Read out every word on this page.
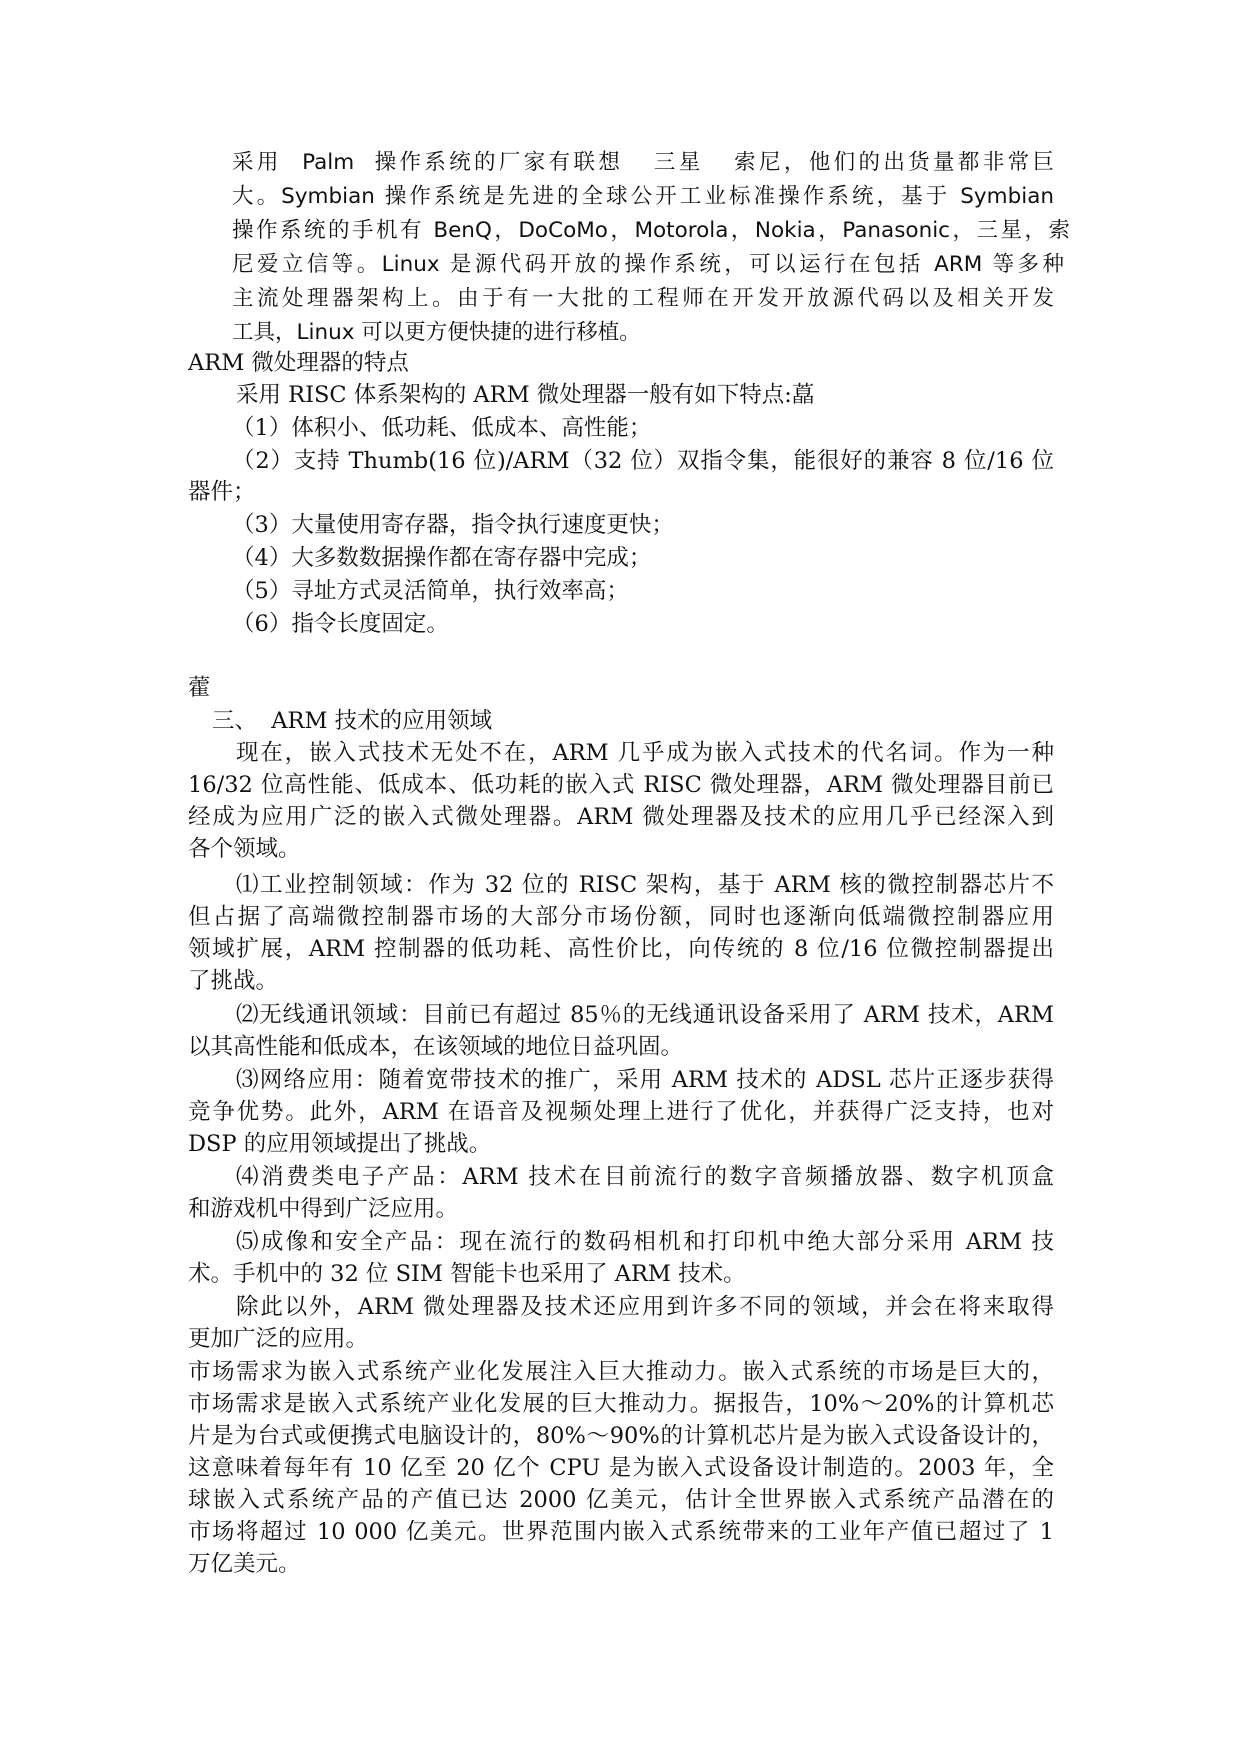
采用  Palm  操作系统的厂家有联想   三星   索尼，他们的出货量都非常巨
大。Symbian 操作系统是先进的全球公开工业标准操作系统，基于 Symbian
操作系统的手机有 BenQ，DoCoMo，Motorola，Nokia，Panasonic，三星，索
尼爱立信等。Linux 是源代码开放的操作系统，可以运行在包括 ARM 等多种
主流处理器架构上。由于有一大批的工程师在开发开放源代码以及相关开发
工具，Linux 可以更方便快捷的进行移植。
ARM 微处理器的特点
采用 RISC 体系架构的 ARM 微处理器一般有如下特点:藠
（1）体积小、低功耗、低成本、高性能；
（2）支持 Thumb(16 位)/ARM（32 位）双指令集，能很好的兼容 8 位/16 位
器件；
（3）大量使用寄存器，指令执行速度更快；
（4）大多数数据操作都在寄存器中完成；
（5）寻址方式灵活简单，执行效率高；
（6）指令长度固定。
藿
三、  ARM 技术的应用领域
现在，嵌入式技术无处不在，ARM 几乎成为嵌入式技术的代名词。作为一种
16/32 位高性能、低成本、低功耗的嵌入式 RISC 微处理器，ARM 微处理器目前已
经成为应用广泛的嵌入式微处理器。ARM 微处理器及技术的应用几乎已经深入到
各个领域。
⑴工业控制领域：作为 32 位的 RISC 架构，基于 ARM 核的微控制器芯片不
但占据了高端微控制器市场的大部分市场份额，同时也逐渐向低端微控制器应用
领域扩展，ARM 控制器的低功耗、高性价比，向传统的 8 位/16 位微控制器提出
了挑战。
⑵无线通讯领域：目前已有超过 85％的无线通讯设备采用了 ARM 技术，ARM
以其高性能和低成本，在该领域的地位日益巩固。
⑶网络应用：随着宽带技术的推广，采用 ARM 技术的 ADSL 芯片正逐步获得
竞争优势。此外，ARM 在语音及视频处理上进行了优化，并获得广泛支持，也对
DSP 的应用领域提出了挑战。
⑷消费类电子产品：ARM 技术在目前流行的数字音频播放器、数字机顶盒
和游戏机中得到广泛应用。
⑸成像和安全产品：现在流行的数码相机和打印机中绝大部分采用 ARM 技
术。手机中的 32 位 SIM 智能卡也采用了 ARM 技术。
除此以外，ARM 微处理器及技术还应用到许多不同的领域，并会在将来取得
更加广泛的应用。
市场需求为嵌入式系统产业化发展注入巨大推动力。嵌入式系统的市场是巨大的，
市场需求是嵌入式系统产业化发展的巨大推动力。据报告，10%～20%的计算机芯
片是为台式或便携式电脑设计的，80%～90%的计算机芯片是为嵌入式设备设计的，
这意味着每年有 10 亿至 20 亿个 CPU 是为嵌入式设备设计制造的。2003 年，全
球嵌入式系统产品的产值已达 2000 亿美元，估计全世界嵌入式系统产品潜在的
市场将超过 10 000 亿美元。世界范围内嵌入式系统带来的工业年产值已超过了 1
万亿美元。
